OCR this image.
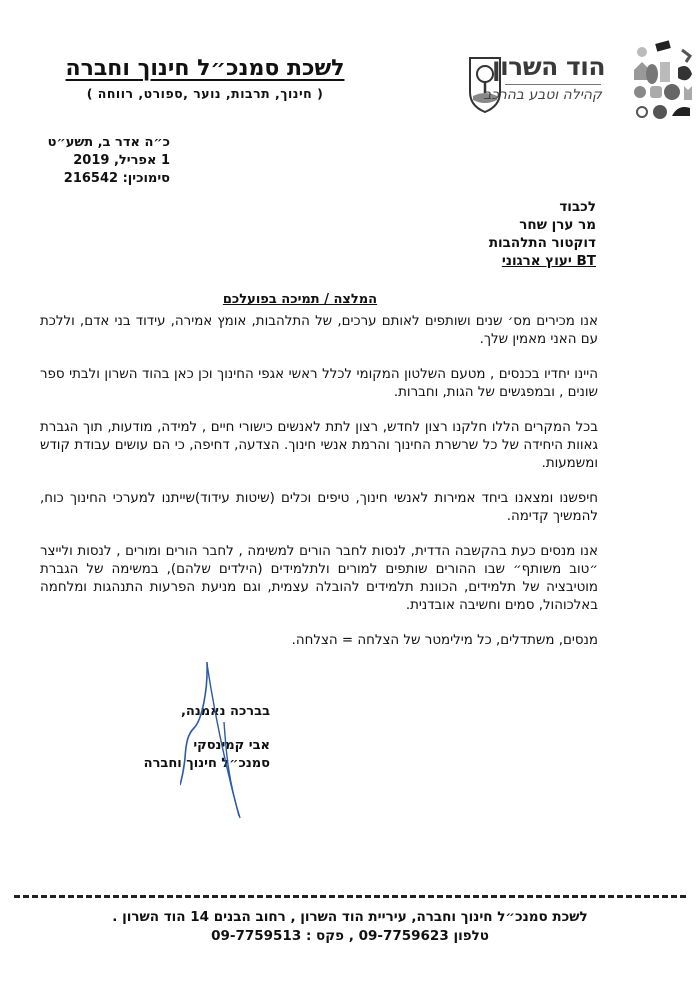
לשכת סמנכ״ל חינוך וחברה
( חינוך, תרבות, נוער ,ספורט, רווחה )
הוד השרון
קהילה וטבע בהרכב
כ״ה אדר ב, תשע״ט
1 אפריל, 2019
סימוכין: 216542
לכבוד
מר ערן שחר
דוקטור התלהבות
BT יעוץ ארגוני
המלצה / תמיכה בפועלכם

אנו מכירים מס׳ שנים ושותפים לאותם ערכים, של התלהבות, אומץ אמירה, עידוד בני אדם, וללכת עם האני מאמין שלך.

היינו יחדיו בכנסים , מטעם השלטון המקומי לכלל ראשי אגפי החינוך וכן כאן בהוד השרון ולבתי ספר שונים , ובמפגשים של הגות, וחברות.

בכל המקרים הללו חלקנו רצון לחדש, רצון לתת לאנשים כישורי חיים , למידה, מודעות, תוך הגברת גאוות היחידה של כל שרשרת החינוך והרמת אנשי חינוך. הצדעה, דחיפה, כי הם עושים עבודת קודש ומשמעות.

חיפשנו ומצאנו ביחד אמירות לאנשי חינוך, טיפים וכלים (שיטות עידוד)שייתנו למערכי החינוך כוח, להמשיך קדימה.

אנו מנסים כעת בהקשבה הדדית, לנסות לחבר הורים למשימה , לחבר הורים ומורים , לנסות ולייצר ״טוב משותף״ שבו ההורים שותפים למורים ולתלמידים (הילדים שלהם), במשימה של הגברת מוטיבציה של תלמידים, הכוונת תלמידים להובלה עצמית, וגם מניעת הפרעות התנהגות ומלחמה באלכוהול, סמים וחשיבה אובדנית.

מנסים, משתדלים, כל מילימטר של הצלחה = הצלחה.

בברכה נאמנה,
אבי קמינסקי
סמנכ״ל חינוך וחברה
לשכת סמנכ״ל חינוך וחברה, עיריית הוד השרון , רחוב הבנים 14 הוד השרון .
טלפון 09-7759623 , פקס : 09-7759513
